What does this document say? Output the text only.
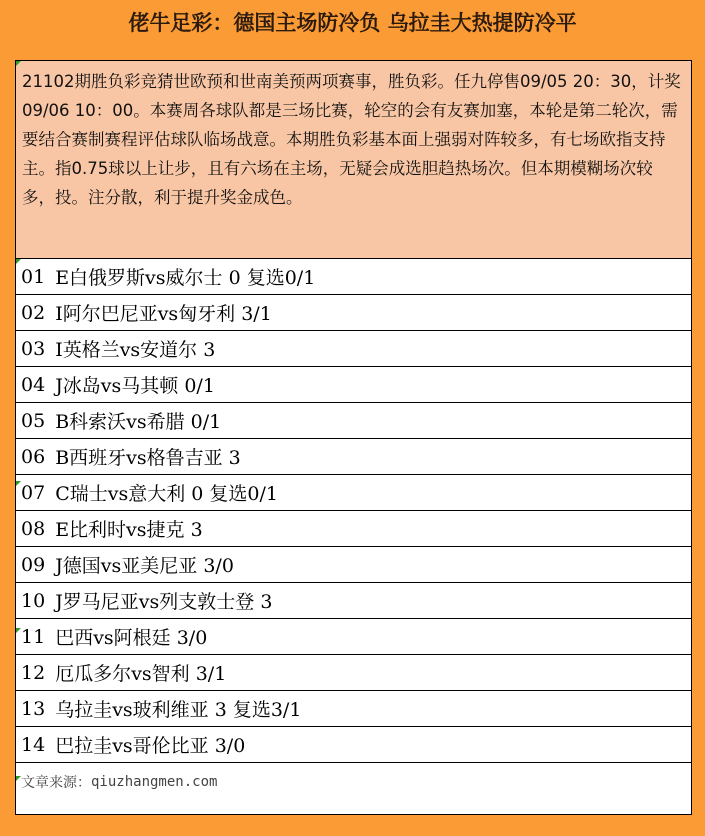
佬牛足彩：德国主场防冷负 乌拉圭大热提防冷平
21102期胜负彩竞猜世欧预和世南美预两项赛事，胜负彩。任九停售09/05 20：30，计奖09/06 10：00。本赛周各球队都是三场比赛，轮空的会有友赛加塞，本轮是第二轮次，需要结合赛制赛程评估球队临场战意。本期胜负彩基本面上强弱对阵较多，有七场欧指支持主。指0.75球以上让步，且有六场在主场，无疑会成选胆趋热场次。但本期模糊场次较多，投。注分散，利于提升奖金成色。
01 E白俄罗斯vs威尔士 0 复选0/1
02 I阿尔巴尼亚vs匈牙利 3/1
03 I英格兰vs安道尔 3
04 J冰岛vs马其顿 0/1
05 B科索沃vs希腊 0/1
06 B西班牙vs格鲁吉亚 3
07 C瑞士vs意大利 0 复选0/1
08 E比利时vs捷克 3
09 J德国vs亚美尼亚 3/0
10 J罗马尼亚vs列支敦士登 3
11 巴西vs阿根廷 3/0
12 厄瓜多尔vs智利 3/1
13 乌拉圭vs玻利维亚 3 复选3/1
14 巴拉圭vs哥伦比亚 3/0
文章来源： qiuzhangmen.com
